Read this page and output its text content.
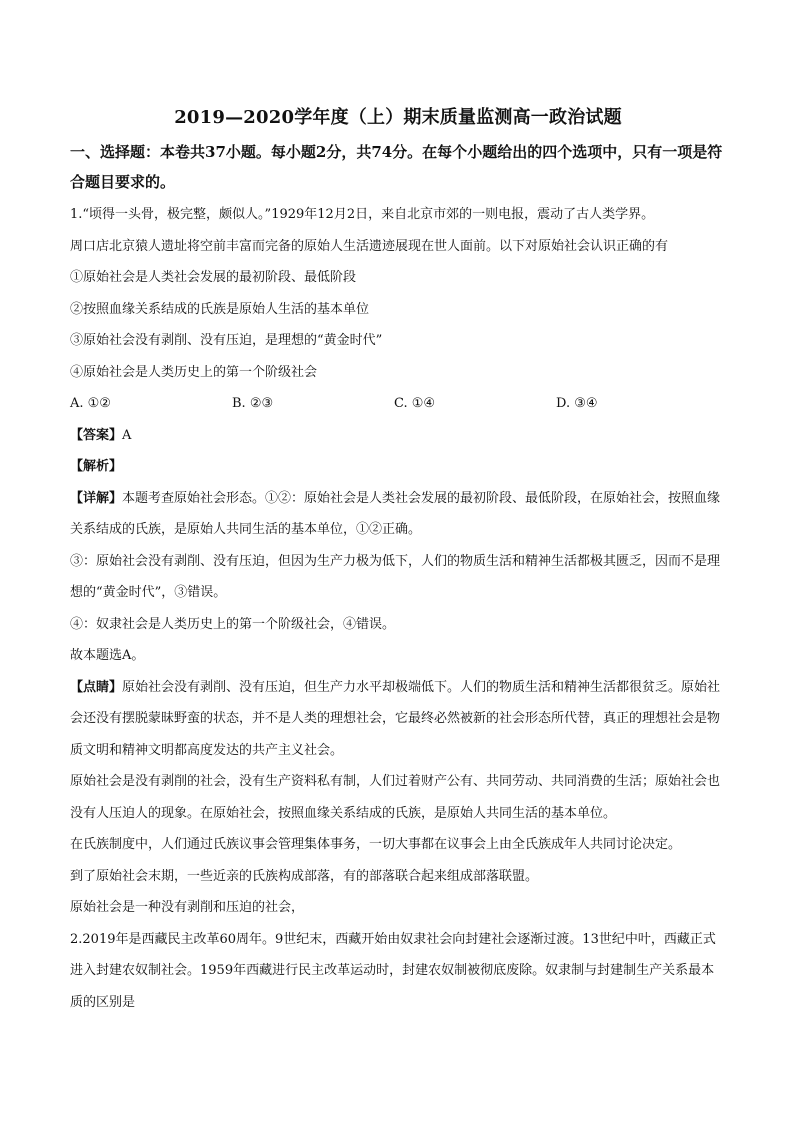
2019—2020学年度（上）期末质量监测高一政治试题
一、选择题：本卷共37小题。每小题2分，共74分。在每个小题给出的四个选项中，只有一项是符合题目要求的。
1.“顷得一头骨，极完整，颇似人。”1929年12月2日，来自北京市郊的一则电报，震动了古人类学界。
周口店北京猿人遗址将空前丰富而完备的原始人生活遗迹展现在世人面前。以下对原始社会认识正确的有
①原始社会是人类社会发展的最初阶段、最低阶段
②按照血缘关系结成的氏族是原始人生活的基本单位
③原始社会没有剥削、没有压迫，是理想的“黄金时代”
④原始社会是人类历史上的第一个阶级社会
A. ①②	B. ②③	C. ①④	D. ③④
【答案】A
【解析】
【详解】本题考查原始社会形态。①②：原始社会是人类社会发展的最初阶段、最低阶段，在原始社会，按照血缘关系结成的氏族，是原始人共同生活的基本单位，①②正确。
③：原始社会没有剥削、没有压迫，但因为生产力极为低下，人们的物质生活和精神生活都极其匮乏，因而不是理想的“黄金时代”，③错误。
④：奴隶社会是人类历史上的第一个阶级社会，④错误。
故本题选A。
【点睛】原始社会没有剥削、没有压迫，但生产力水平却极端低下。人们的物质生活和精神生活都很贫乏。原始社会还没有摆脱蒙昧野蛮的状态，并不是人类的理想社会，它最终必然被新的社会形态所代替，真正的理想社会是物质文明和精神文明都高度发达的共产主义社会。
原始社会是没有剥削的社会，没有生产资料私有制，人们过着财产公有、共同劳动、共同消费的生活；原始社会也没有人压迫人的现象。在原始社会，按照血缘关系结成的氏族，是原始人共同生活的基本单位。
在氏族制度中，人们通过氏族议事会管理集体事务，一切大事都在议事会上由全氏族成年人共同讨论决定。
到了原始社会末期，一些近亲的氏族构成部落，有的部落联合起来组成部落联盟。
原始社会是一种没有剥削和压迫的社会，
2.2019年是西藏民主改革60周年。9世纪末，西藏开始由奴隶社会向封建社会逐渐过渡。13世纪中叶，西藏正式进入封建农奴制社会。1959年西藏进行民主改革运动时，封建农奴制被彻底废除。奴隶制与封建制生产关系最本质的区别是
